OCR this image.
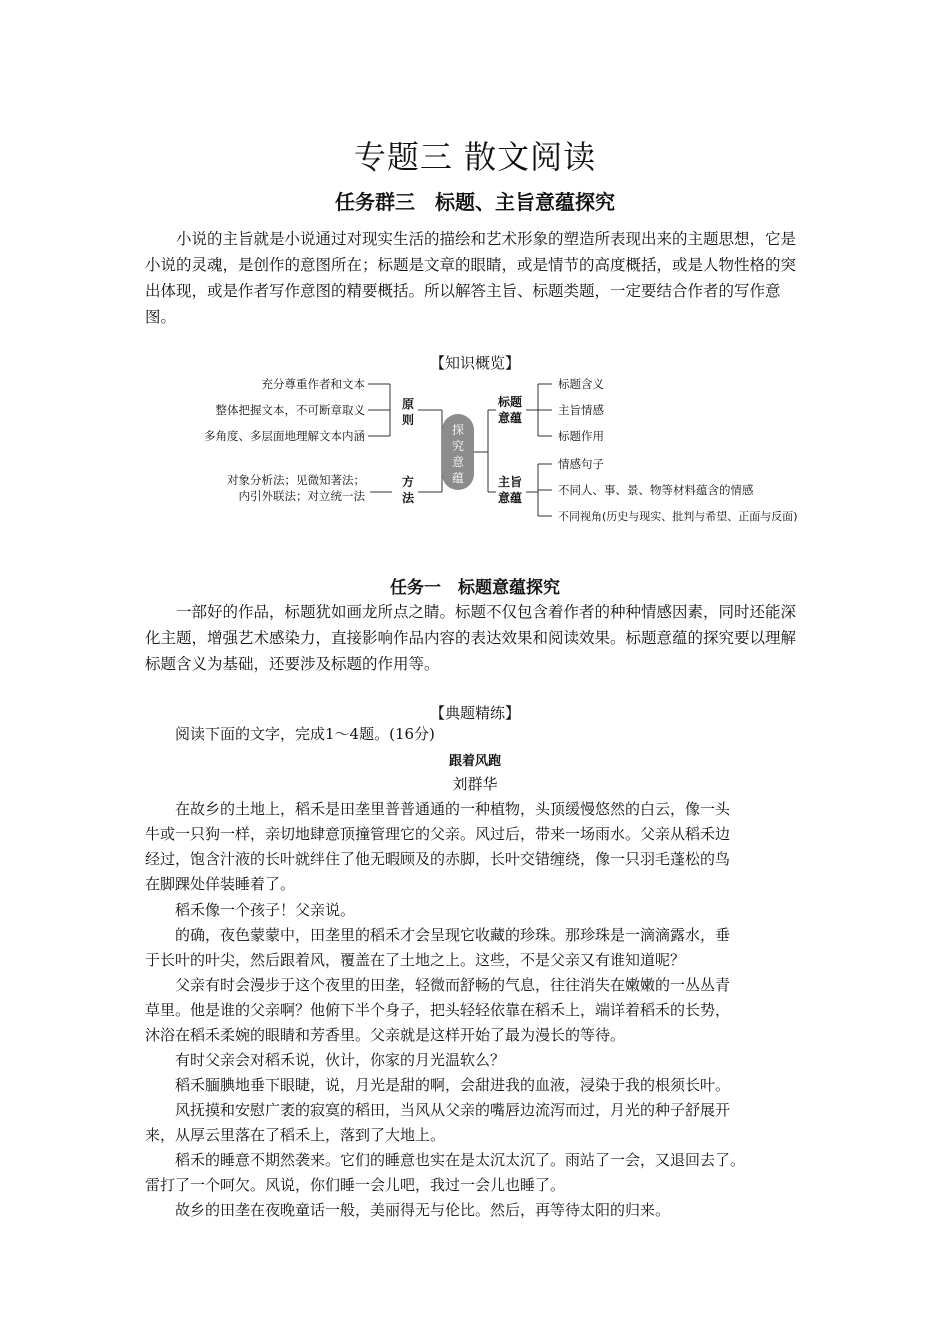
专题三 散文阅读
任务群三　标题、主旨意蕴探究

小说的主旨就是小说通过对现实生活的描绘和艺术形象的塑造所表现出来的主题思想，它是小说的灵魂，是创作的意图所在；标题是文章的眼睛，或是情节的高度概括，或是人物性格的突出体现，或是作者写作意图的精要概括。所以解答主旨、标题类题，一定要结合作者的写作意图。

【知识概览】
充分尊重作者和文本
整体把握文本，不可断章取义
多角度、多层面地理解文本内涵
原
则
对象分析法；见微知著法；
内引外联法；对立统一法
方
法
探
究
意
蕴
标题
意蕴
标题含义
主旨情感
标题作用
主旨
意蕴
情感句子
不同人、事、景、物等材料蕴含的情感
不同视角(历史与现实、批判与希望、正面与反面)
任务一　标题意蕴探究

一部好的作品，标题犹如画龙所点之睛。标题不仅包含着作者的种种情感因素，同时还能深化主题，增强艺术感染力，直接影响作品内容的表达效果和阅读效果。标题意蕴的探究要以理解标题含义为基础，还要涉及标题的作用等。

【典题精练】
阅读下面的文字，完成1～4题。(16分)
跟着风跑
刘群华
　　在故乡的土地上，稻禾是田垄里普普通通的一种植物，头顶缓慢悠然的白云，像一头
牛或一只狗一样，亲切地肆意顶撞管理它的父亲。风过后，带来一场雨水。父亲从稻禾边
经过，饱含汁液的长叶就绊住了他无暇顾及的赤脚，长叶交错缠绕，像一只羽毛蓬松的鸟
在脚踝处佯装睡着了。
　　稻禾像一个孩子！父亲说。
　　的确，夜色蒙蒙中，田垄里的稻禾才会呈现它收藏的珍珠。那珍珠是一滴滴露水，垂
于长叶的叶尖，然后跟着风，覆盖在了土地之上。这些，不是父亲又有谁知道呢？
　　父亲有时会漫步于这个夜里的田垄，轻微而舒畅的气息，往往消失在嫩嫩的一丛丛青
草里。他是谁的父亲啊？他俯下半个身子，把头轻轻依靠在稻禾上，端详着稻禾的长势，
沐浴在稻禾柔婉的眼睛和芳香里。父亲就是这样开始了最为漫长的等待。
　　有时父亲会对稻禾说，伙计，你家的月光温软么？
　　稻禾腼腆地垂下眼睫，说，月光是甜的啊，会甜进我的血液，浸染于我的根须长叶。
　　风抚摸和安慰广袤的寂寞的稻田，当风从父亲的嘴唇边流泻而过，月光的种子舒展开
来，从厚云里落在了稻禾上，落到了大地上。
　　稻禾的睡意不期然袭来。它们的睡意也实在是太沉太沉了。雨站了一会，又退回去了。
雷打了一个呵欠。风说，你们睡一会儿吧，我过一会儿也睡了。
　　故乡的田垄在夜晚童话一般，美丽得无与伦比。然后，再等待太阳的归来。
